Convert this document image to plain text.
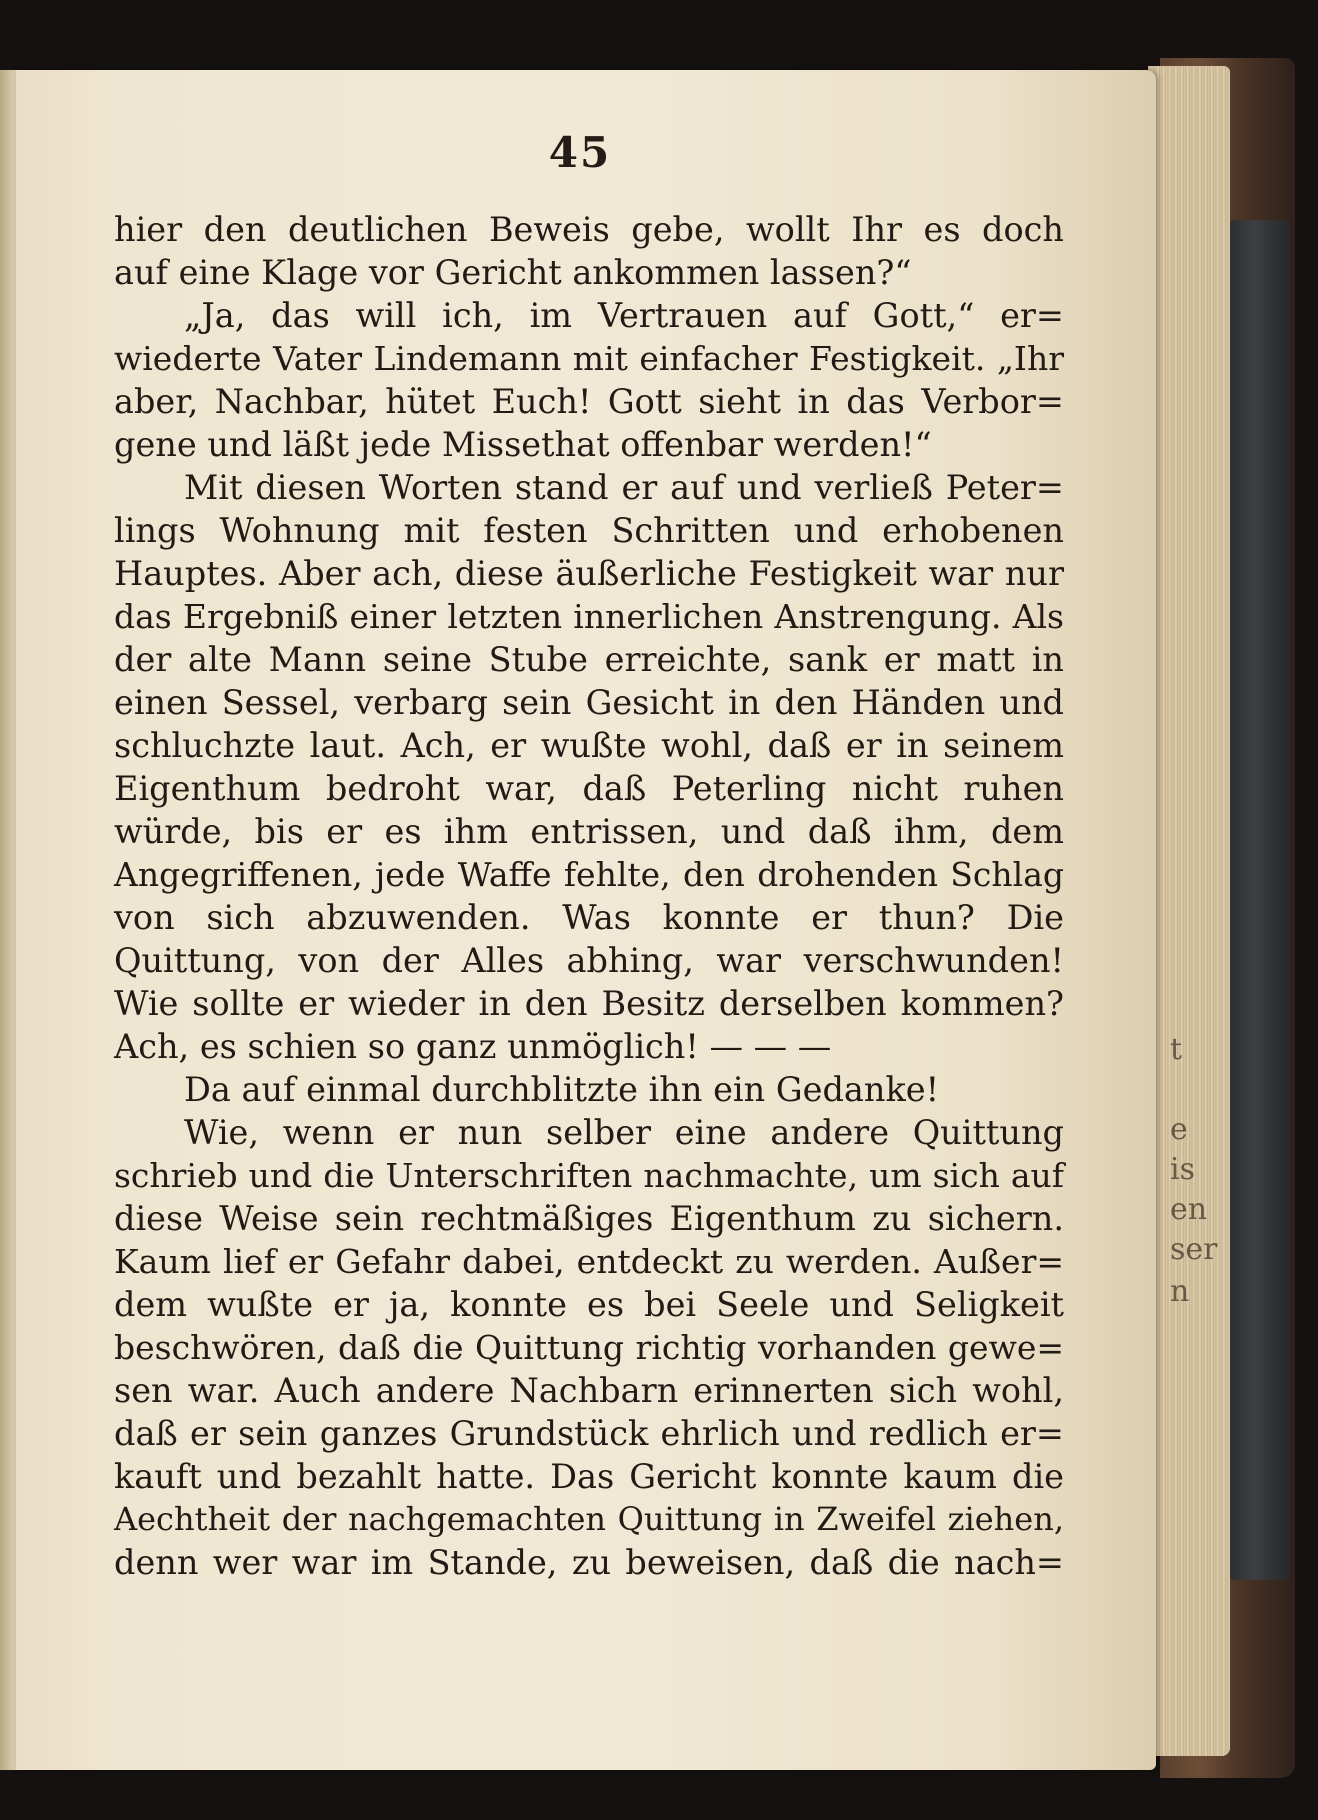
t
e
is
en
ser
n
45
hier den deutlichen Beweis gebe, wollt Ihr es doch
auf eine Klage vor Gericht ankommen lassen?“
„Ja, das will ich, im Vertrauen auf Gott,“ er=
wiederte Vater Lindemann mit einfacher Festigkeit. „Ihr
aber, Nachbar, hütet Euch! Gott sieht in das Verbor=
gene und läßt jede Missethat offenbar werden!“
Mit diesen Worten stand er auf und verließ Peter=
lings Wohnung mit festen Schritten und erhobenen
Hauptes. Aber ach, diese äußerliche Festigkeit war nur
das Ergebniß einer letzten innerlichen Anstrengung. Als
der alte Mann seine Stube erreichte, sank er matt in
einen Sessel, verbarg sein Gesicht in den Händen und
schluchzte laut. Ach, er wußte wohl, daß er in seinem
Eigenthum bedroht war, daß Peterling nicht ruhen
würde, bis er es ihm entrissen, und daß ihm, dem
Angegriffenen, jede Waffe fehlte, den drohenden Schlag
von sich abzuwenden. Was konnte er thun? Die
Quittung, von der Alles abhing, war verschwunden!
Wie sollte er wieder in den Besitz derselben kommen?
Ach, es schien so ganz unmöglich! — — —
Da auf einmal durchblitzte ihn ein Gedanke!
Wie, wenn er nun selber eine andere Quittung
schrieb und die Unterschriften nachmachte, um sich auf
diese Weise sein rechtmäßiges Eigenthum zu sichern.
Kaum lief er Gefahr dabei, entdeckt zu werden. Außer=
dem wußte er ja, konnte es bei Seele und Seligkeit
beschwören, daß die Quittung richtig vorhanden gewe=
sen war. Auch andere Nachbarn erinnerten sich wohl,
daß er sein ganzes Grundstück ehrlich und redlich er=
kauft und bezahlt hatte. Das Gericht konnte kaum die
Aechtheit der nachgemachten Quittung in Zweifel ziehen,
denn wer war im Stande, zu beweisen, daß die nach=
